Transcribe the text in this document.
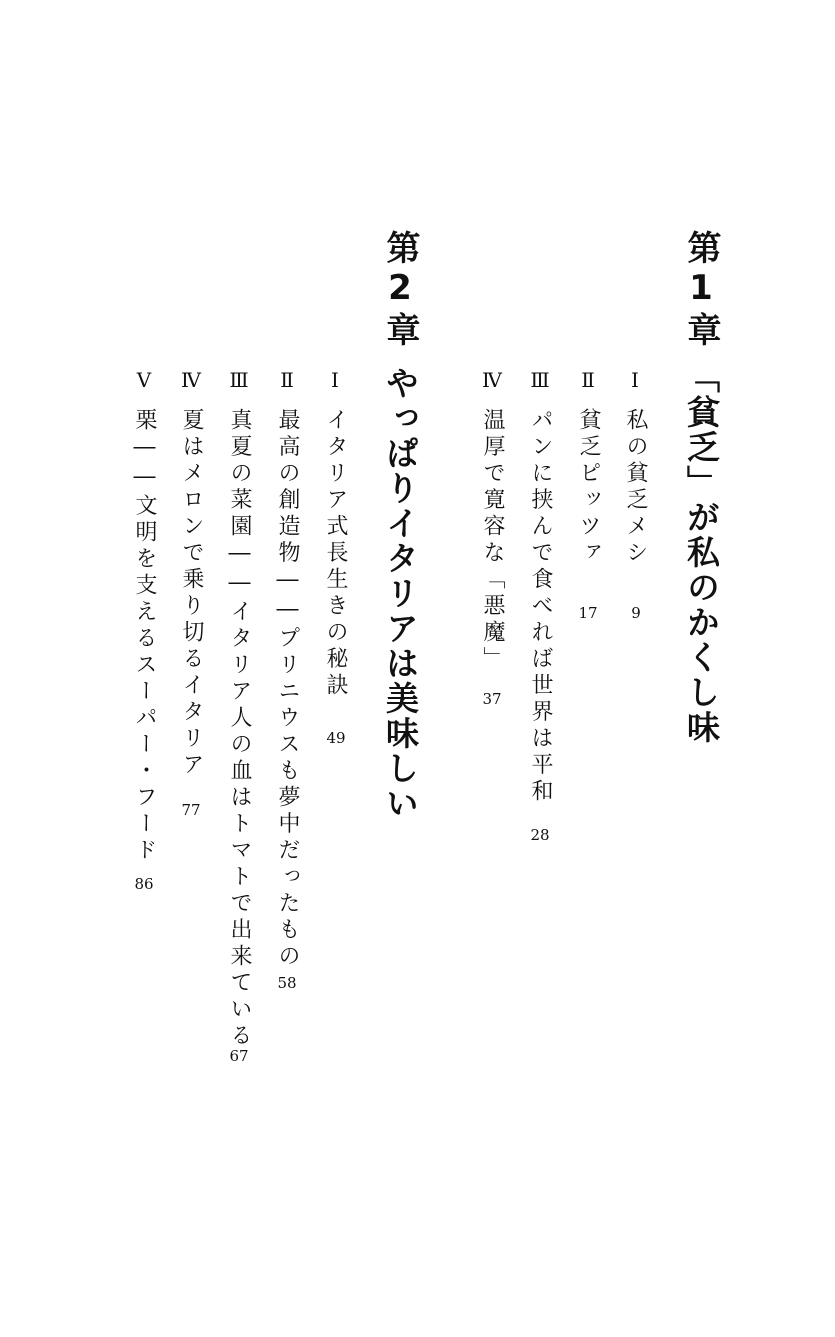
第1章
「貧乏」が私のかくし味
Ⅰ
私の貧乏メシ
9
Ⅱ
貧乏ピッツァ
17
Ⅲ
パンに挟んで食べれば世界は平和
28
Ⅳ
温厚で寛容な「悪魔」
37
第2章
やっぱりイタリアは美味しい
Ⅰ
イタリア式長生きの秘訣
49
Ⅱ
最高の創造物――プリニウスも夢中だったもの
58
Ⅲ
真夏の菜園――イタリア人の血はトマトで出来ている
67
Ⅳ
夏はメロンで乗り切るイタリア
77
Ⅴ
栗――文明を支えるスーパー・フード
86
